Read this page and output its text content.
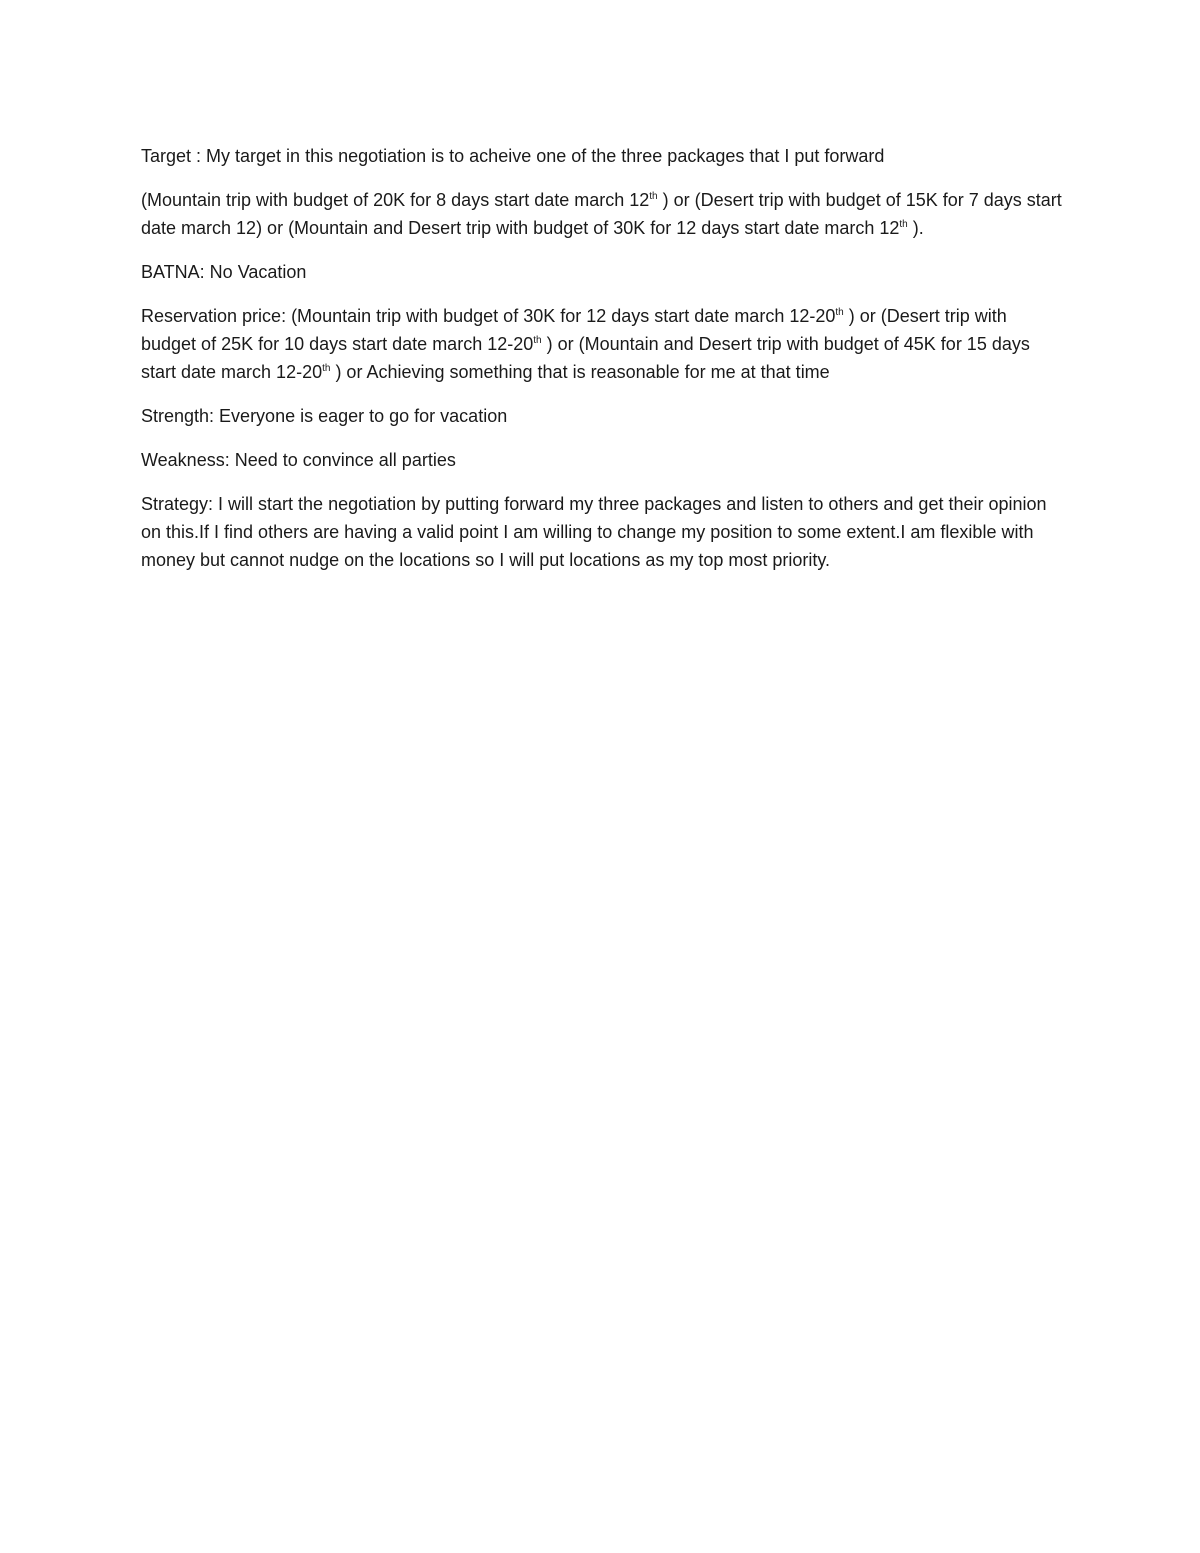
Target : My target in this negotiation is to acheive one of the three packages that I put forward

(Mountain trip with budget of 20K for 8 days start date march 12th ) or (Desert trip with budget of 15K for 7 days start date march 12) or (Mountain and Desert trip with budget of 30K for 12 days start date march 12th ).

BATNA: No Vacation

Reservation price: (Mountain trip with budget of 30K for 12 days start date march 12-20th ) or (Desert trip with budget of 25K for 10 days start date march 12-20th ) or (Mountain and Desert trip with budget of 45K for 15 days start date march 12-20th ) or Achieving something that is reasonable for me at that time

Strength: Everyone is eager to go for vacation

Weakness: Need to convince all parties

Strategy: I will start the negotiation by putting forward my three packages and listen to others and get their opinion on this.If I find others are having a valid point I am willing to change my position to some extent.I am flexible with money but cannot nudge on the locations so I will put locations as my top most priority.
